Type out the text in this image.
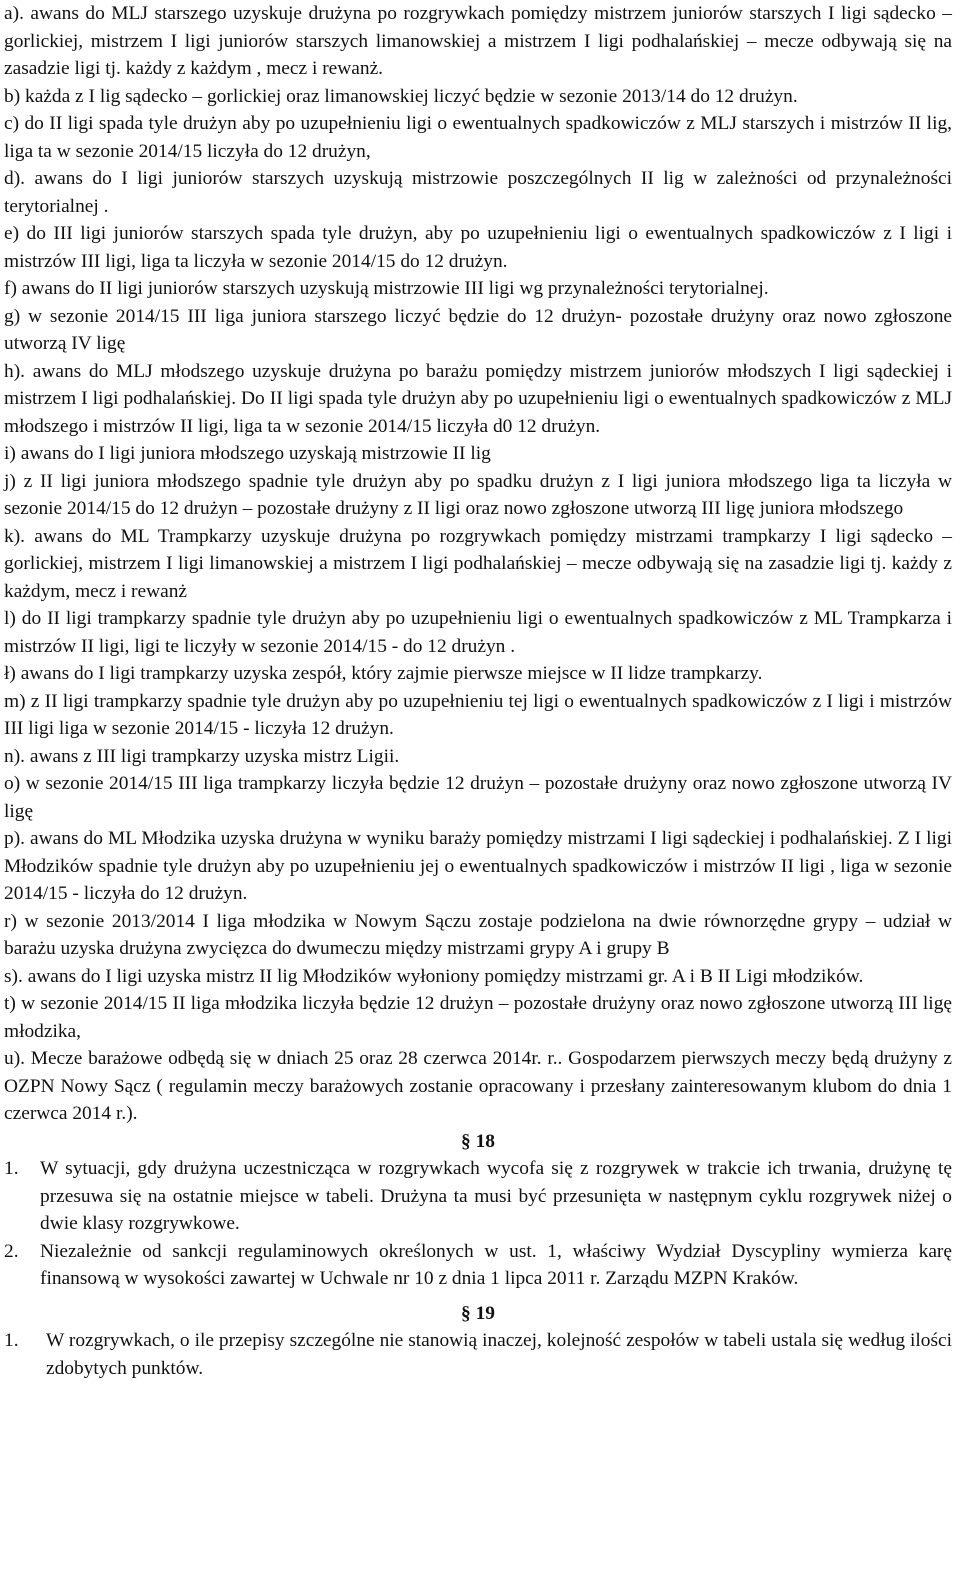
a). awans do MLJ starszego uzyskuje drużyna po rozgrywkach pomiędzy mistrzem juniorów starszych I ligi sądecko – gorlickiej, mistrzem I ligi juniorów starszych limanowskiej a mistrzem I ligi podhalańskiej – mecze odbywają się na zasadzie ligi tj. każdy z każdym , mecz i rewanż.

b) każda z I lig sądecko – gorlickiej oraz limanowskiej liczyć będzie w sezonie 2013/14 do 12 drużyn.

c) do II ligi spada tyle drużyn aby po uzupełnieniu ligi o ewentualnych spadkowiczów z MLJ starszych i mistrzów II lig, liga ta w sezonie 2014/15 liczyła do 12 drużyn,

d). awans do I ligi juniorów starszych uzyskują mistrzowie poszczególnych II lig w zależności od przynależności terytorialnej .

e) do III ligi juniorów starszych spada tyle drużyn, aby po uzupełnieniu ligi o ewentualnych spadkowiczów z I ligi i mistrzów III ligi, liga ta liczyła w sezonie 2014/15 do 12 drużyn.

f) awans do II ligi juniorów starszych uzyskują mistrzowie III ligi wg przynależności terytorialnej.

g) w sezonie 2014/15 III liga juniora starszego liczyć będzie do 12 drużyn- pozostałe drużyny oraz nowo zgłoszone utworzą IV ligę

h). awans do MLJ młodszego uzyskuje drużyna po barażu pomiędzy mistrzem juniorów młodszych I ligi sądeckiej i mistrzem I ligi podhalańskiej. Do II ligi spada tyle drużyn aby po uzupełnieniu ligi o ewentualnych spadkowiczów z MLJ młodszego i mistrzów II ligi, liga ta w sezonie 2014/15 liczyła d0 12 drużyn.

i) awans do I ligi juniora młodszego uzyskają mistrzowie II lig

j) z II ligi juniora młodszego spadnie tyle drużyn aby po spadku drużyn z I ligi juniora młodszego liga ta liczyła w sezonie 2014/15 do 12 drużyn – pozostałe drużyny z II ligi oraz nowo zgłoszone utworzą III ligę juniora młodszego

k). awans do ML Trampkarzy uzyskuje drużyna po rozgrywkach pomiędzy mistrzami trampkarzy I ligi sądecko – gorlickiej, mistrzem I ligi limanowskiej a mistrzem I ligi podhalańskiej – mecze odbywają się na zasadzie ligi tj. każdy z każdym, mecz i rewanż

l) do II ligi trampkarzy spadnie tyle drużyn aby po uzupełnieniu ligi o ewentualnych spadkowiczów z ML Trampkarza i mistrzów II ligi, ligi te liczyły w sezonie 2014/15 - do 12 drużyn .

ł) awans do I ligi trampkarzy uzyska zespół, który zajmie pierwsze miejsce w II lidze trampkarzy.

m) z II ligi trampkarzy spadnie tyle drużyn aby po uzupełnieniu tej ligi o ewentualnych spadkowiczów z I ligi i mistrzów III ligi liga w sezonie 2014/15 - liczyła 12 drużyn.

n). awans z III ligi trampkarzy uzyska mistrz Ligii.

o) w sezonie 2014/15 III liga trampkarzy liczyła będzie 12 drużyn – pozostałe drużyny oraz nowo zgłoszone utworzą IV ligę

p). awans do ML Młodzika uzyska drużyna w wyniku baraży pomiędzy mistrzami I ligi sądeckiej i podhalańskiej. Z I ligi Młodzików spadnie tyle drużyn aby po uzupełnieniu jej o ewentualnych spadkowiczów i mistrzów II ligi , liga w sezonie 2014/15 - liczyła do 12 drużyn.

r) w sezonie 2013/2014 I liga młodzika w Nowym Sączu zostaje podzielona na dwie równorzędne grypy – udział w barażu uzyska drużyna zwycięzca do dwumeczu między mistrzami grypy A i grupy B

s). awans do I ligi uzyska mistrz II lig Młodzików wyłoniony pomiędzy mistrzami gr. A i B II Ligi młodzików.

t) w sezonie 2014/15 II liga młodzika liczyła będzie 12 drużyn – pozostałe drużyny oraz nowo zgłoszone utworzą III ligę młodzika,

u). Mecze barażowe odbędą się w dniach 25 oraz 28 czerwca 2014r. r.. Gospodarzem pierwszych meczy będą drużyny z OZPN Nowy Sącz ( regulamin meczy barażowych zostanie opracowany i przesłany zainteresowanym klubom do dnia 1 czerwca 2014 r.).

§ 18

1. W sytuacji, gdy drużyna uczestnicząca w rozgrywkach wycofa się z rozgrywek w trakcie ich trwania, drużynę tę przesuwa się na ostatnie miejsce w tabeli. Drużyna ta musi być przesunięta w następnym cyklu rozgrywek niżej o dwie klasy rozgrywkowe.
2. Niezależnie od sankcji regulaminowych określonych w ust. 1, właściwy Wydział Dyscypliny wymierza karę finansową w wysokości zawartej w Uchwale nr 10 z dnia 1 lipca 2011 r. Zarządu MZPN Kraków.

§ 19

1. W rozgrywkach, o ile przepisy szczególne nie stanowią inaczej, kolejność zespołów w tabeli ustala się według ilości zdobytych punktów.
